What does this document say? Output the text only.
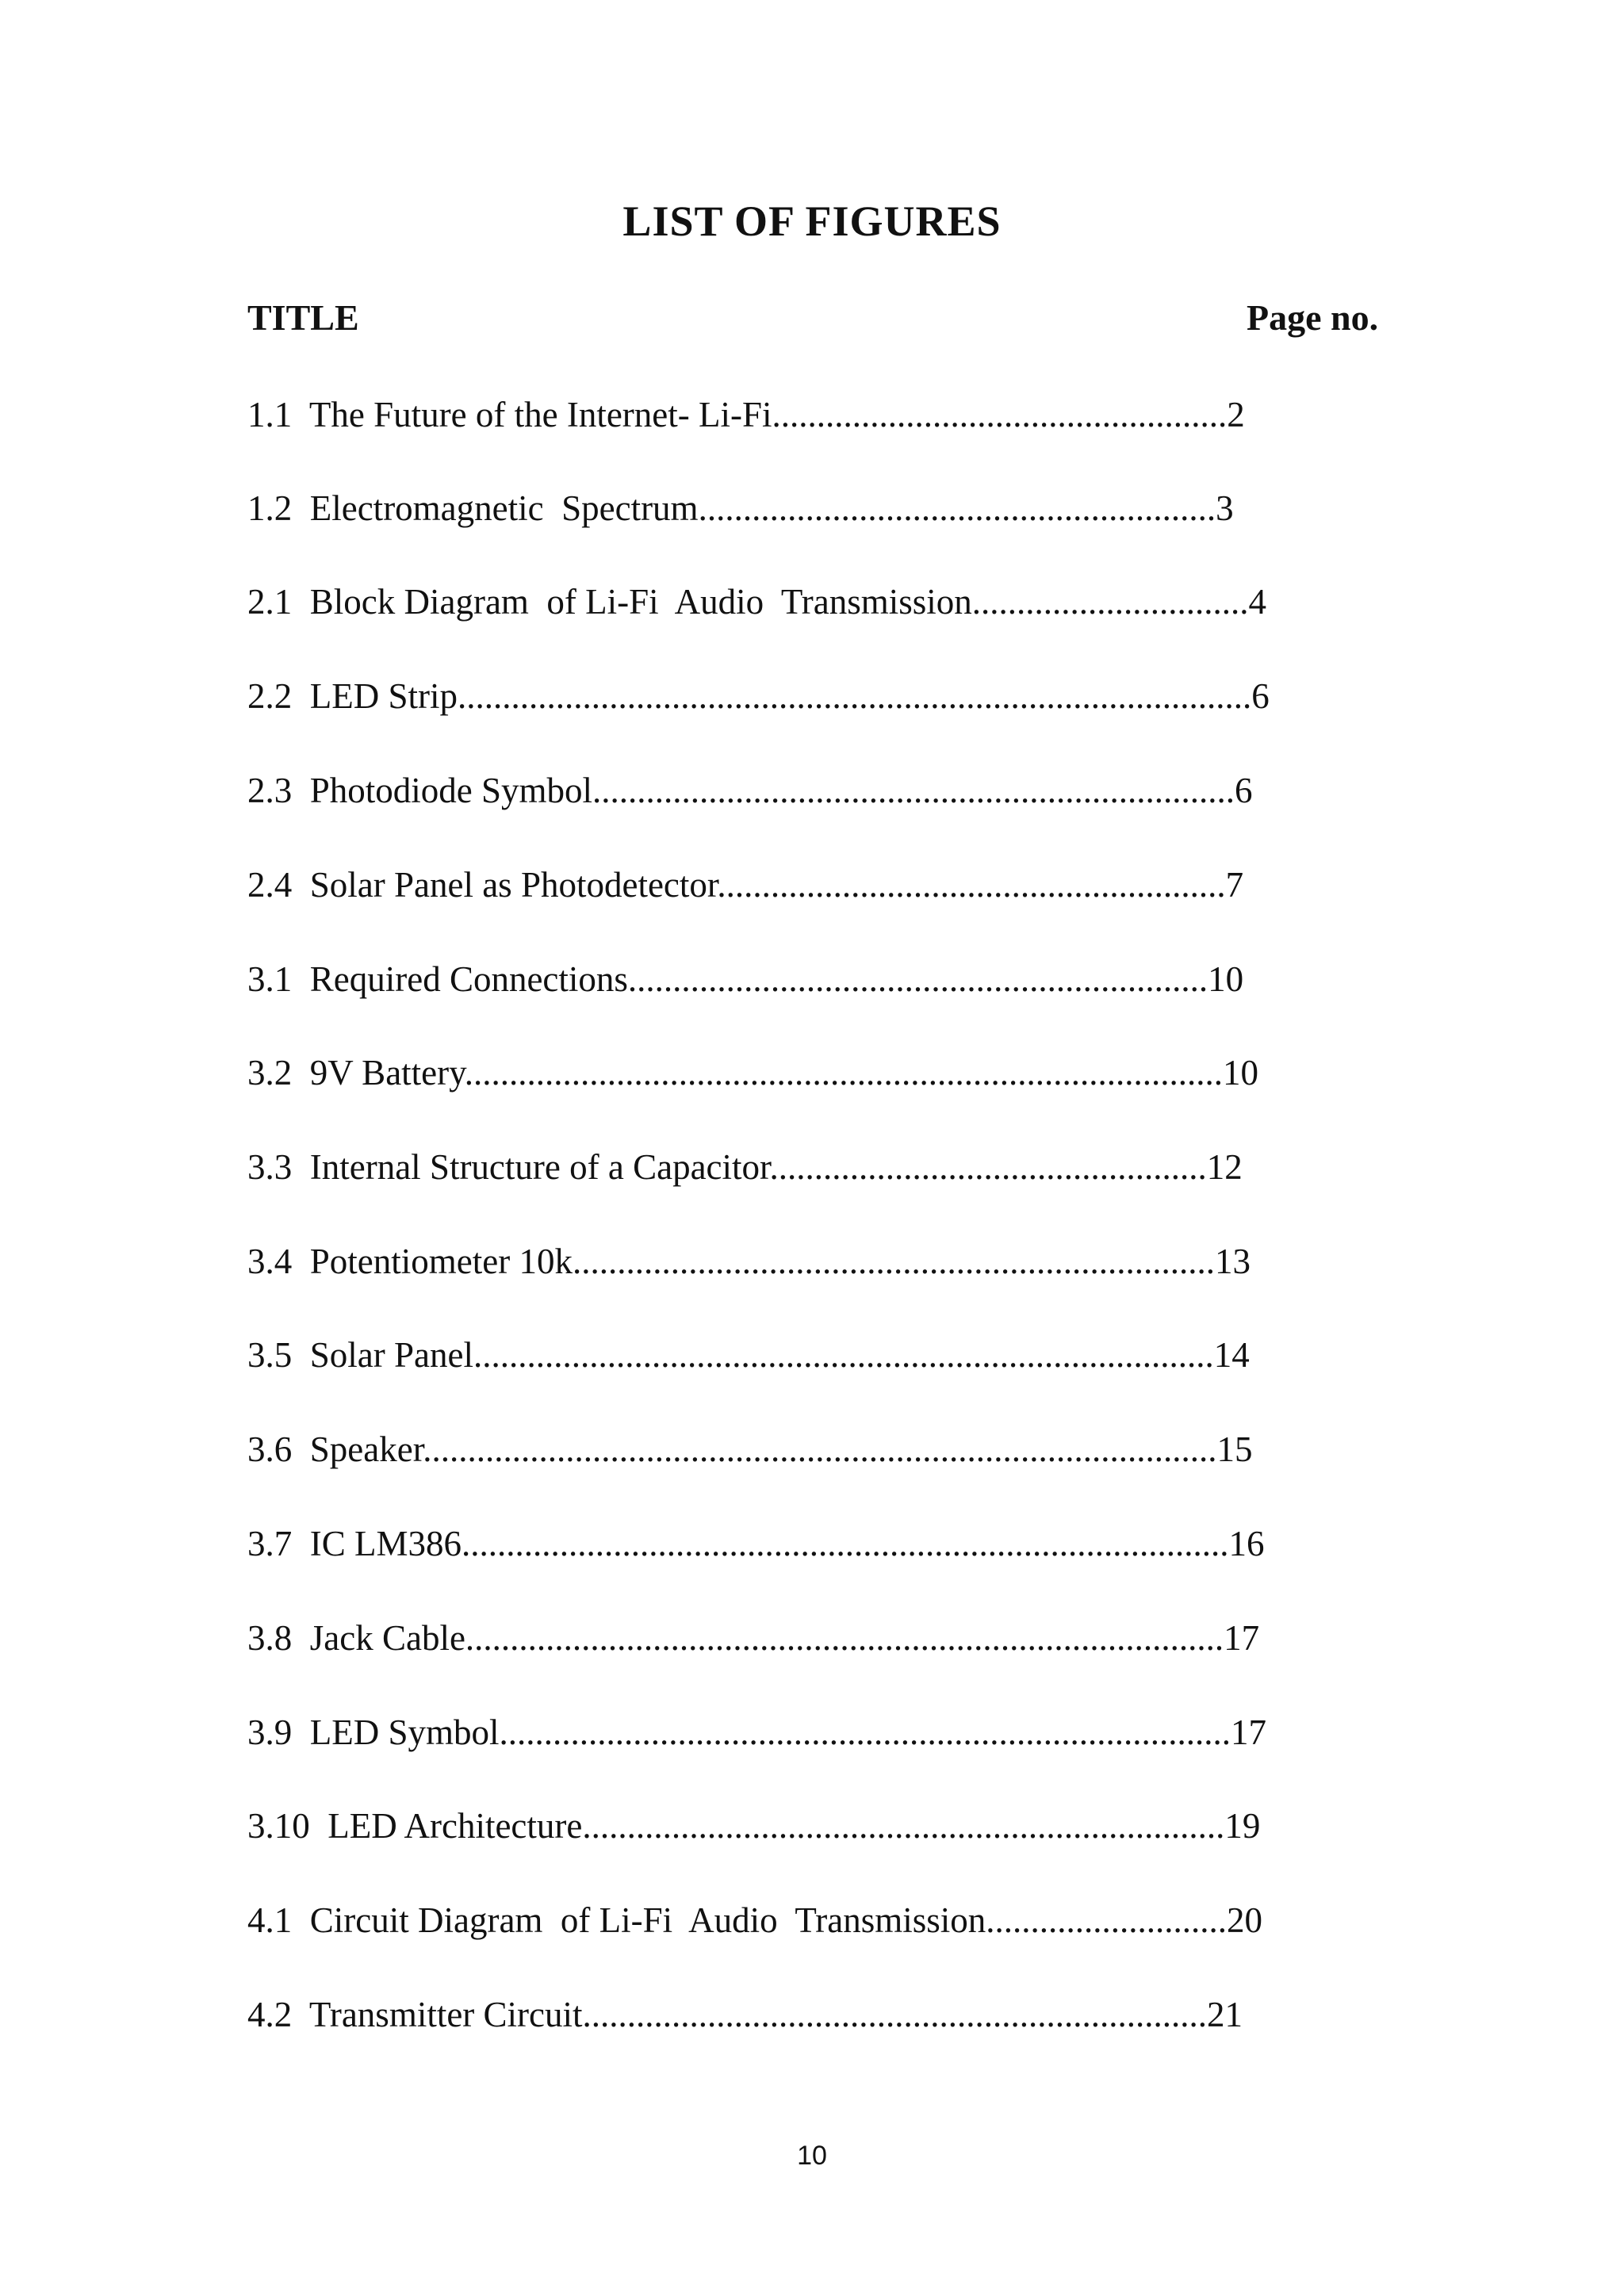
LIST OF FIGURES
TITLE	Page no.
1.1  The Future of the Internet- Li-Fi...................................................2
1.2  Electromagnetic  Spectrum..........................................................3
2.1  Block Diagram  of Li-Fi  Audio  Transmission...............................4
2.2  LED Strip.........................................................................................6
2.3  Photodiode Symbol........................................................................6
2.4  Solar Panel as Photodetector.........................................................7
3.1  Required Connections.................................................................10
3.2  9V Battery.....................................................................................10
3.3  Internal Structure of a Capacitor.................................................12
3.4  Potentiometer 10k........................................................................13
3.5  Solar Panel...................................................................................14
3.6  Speaker.........................................................................................15
3.7  IC LM386......................................................................................16
3.8  Jack Cable.....................................................................................17
3.9  LED Symbol..................................................................................17
3.10  LED Architecture........................................................................19
4.1  Circuit Diagram  of Li-Fi  Audio  Transmission...........................20
4.2  Transmitter Circuit......................................................................21
10
